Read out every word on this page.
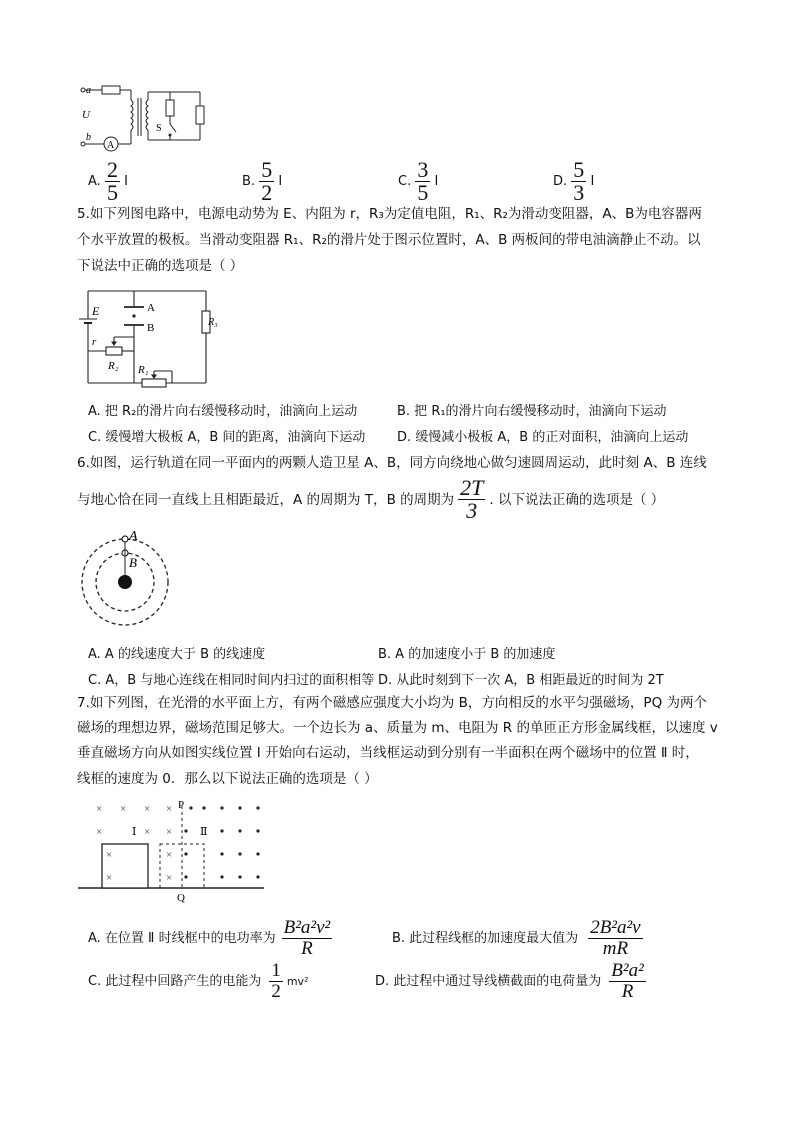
a
U
b
A
S
A. $\frac{2}{5}$ I	B. $\frac{5}{2}$ I	C. $\frac{3}{5}$ I	D. $\frac{5}{3}$ I
5.如下列图电路中，电源电动势为 E、内阻为 r，R₃为定值电阻，R₁、R₂为滑动变阻器，A、B为电容器两
个水平放置的极板。当滑动变阻器 R₁、R₂的滑片处于图示位置时，A、B 两板间的带电油滴静止不动。以
下说法中正确的选项是（ ）
E	A
B
r
R₂ R₁
R₃
A. 把 R₂的滑片向右缓慢移动时，油滴向上运动	B. 把 R₁的滑片向右缓慢移动时，油滴向下运动
C. 缓慢增大极板 A，B 间的距离，油滴向下运动 D. 缓慢减小极板 A，B 的正对面积，油滴向上运动
6.如图，运行轨道在同一平面内的两颗人造卫星 A、B，同方向绕地心做匀速圆周运动，此时刻 A、B 连线
与地心恰在同一直线上且相距最近，A 的周期为 T，B 的周期为 $\frac{2T}{3}$ . 以下说法正确的选项是（ ）
A
B
A. A 的线速度大于 B 的线速度	B. A 的加速度小于 B 的加速度
C. A，B 与地心连线在相同时间内扫过的面积相等 D. 从此时刻到下一次 A，B 相距最近的时间为 2T
7.如下列图，在光滑的水平面上方，有两个磁感应强度大小均为 B，方向相反的水平匀强磁场，PQ 为两个
磁场的理想边界，磁场范围足够大。一个边长为 a、质量为 m、电阻为 R 的单匝正方形金属线框，以速度 v
垂直磁场方向从如图实线位置 Ⅰ 开始向右运动，当线框运动到分别有一半面积在两个磁场中的位置 Ⅱ 时，
线框的速度为 0．那么以下说法正确的选项是（ ）
× × × ×
×	× ×
×
×
×
×
P
Q
Ⅰ	Ⅱ
A. 在位置 Ⅱ 时线框中的电功率为 $\frac{\text{B²a²v²}}{R}$	B. 此过程线框的加速度最大值为 $\frac{\text{2B²a²v}}{mR}$
C. 此过程中回路产生的电能为 $\frac{1}{2} mv^2$	D. 此过程中通过导线横截面的电荷量为 $\frac{\text{B²a²}}{R}$
